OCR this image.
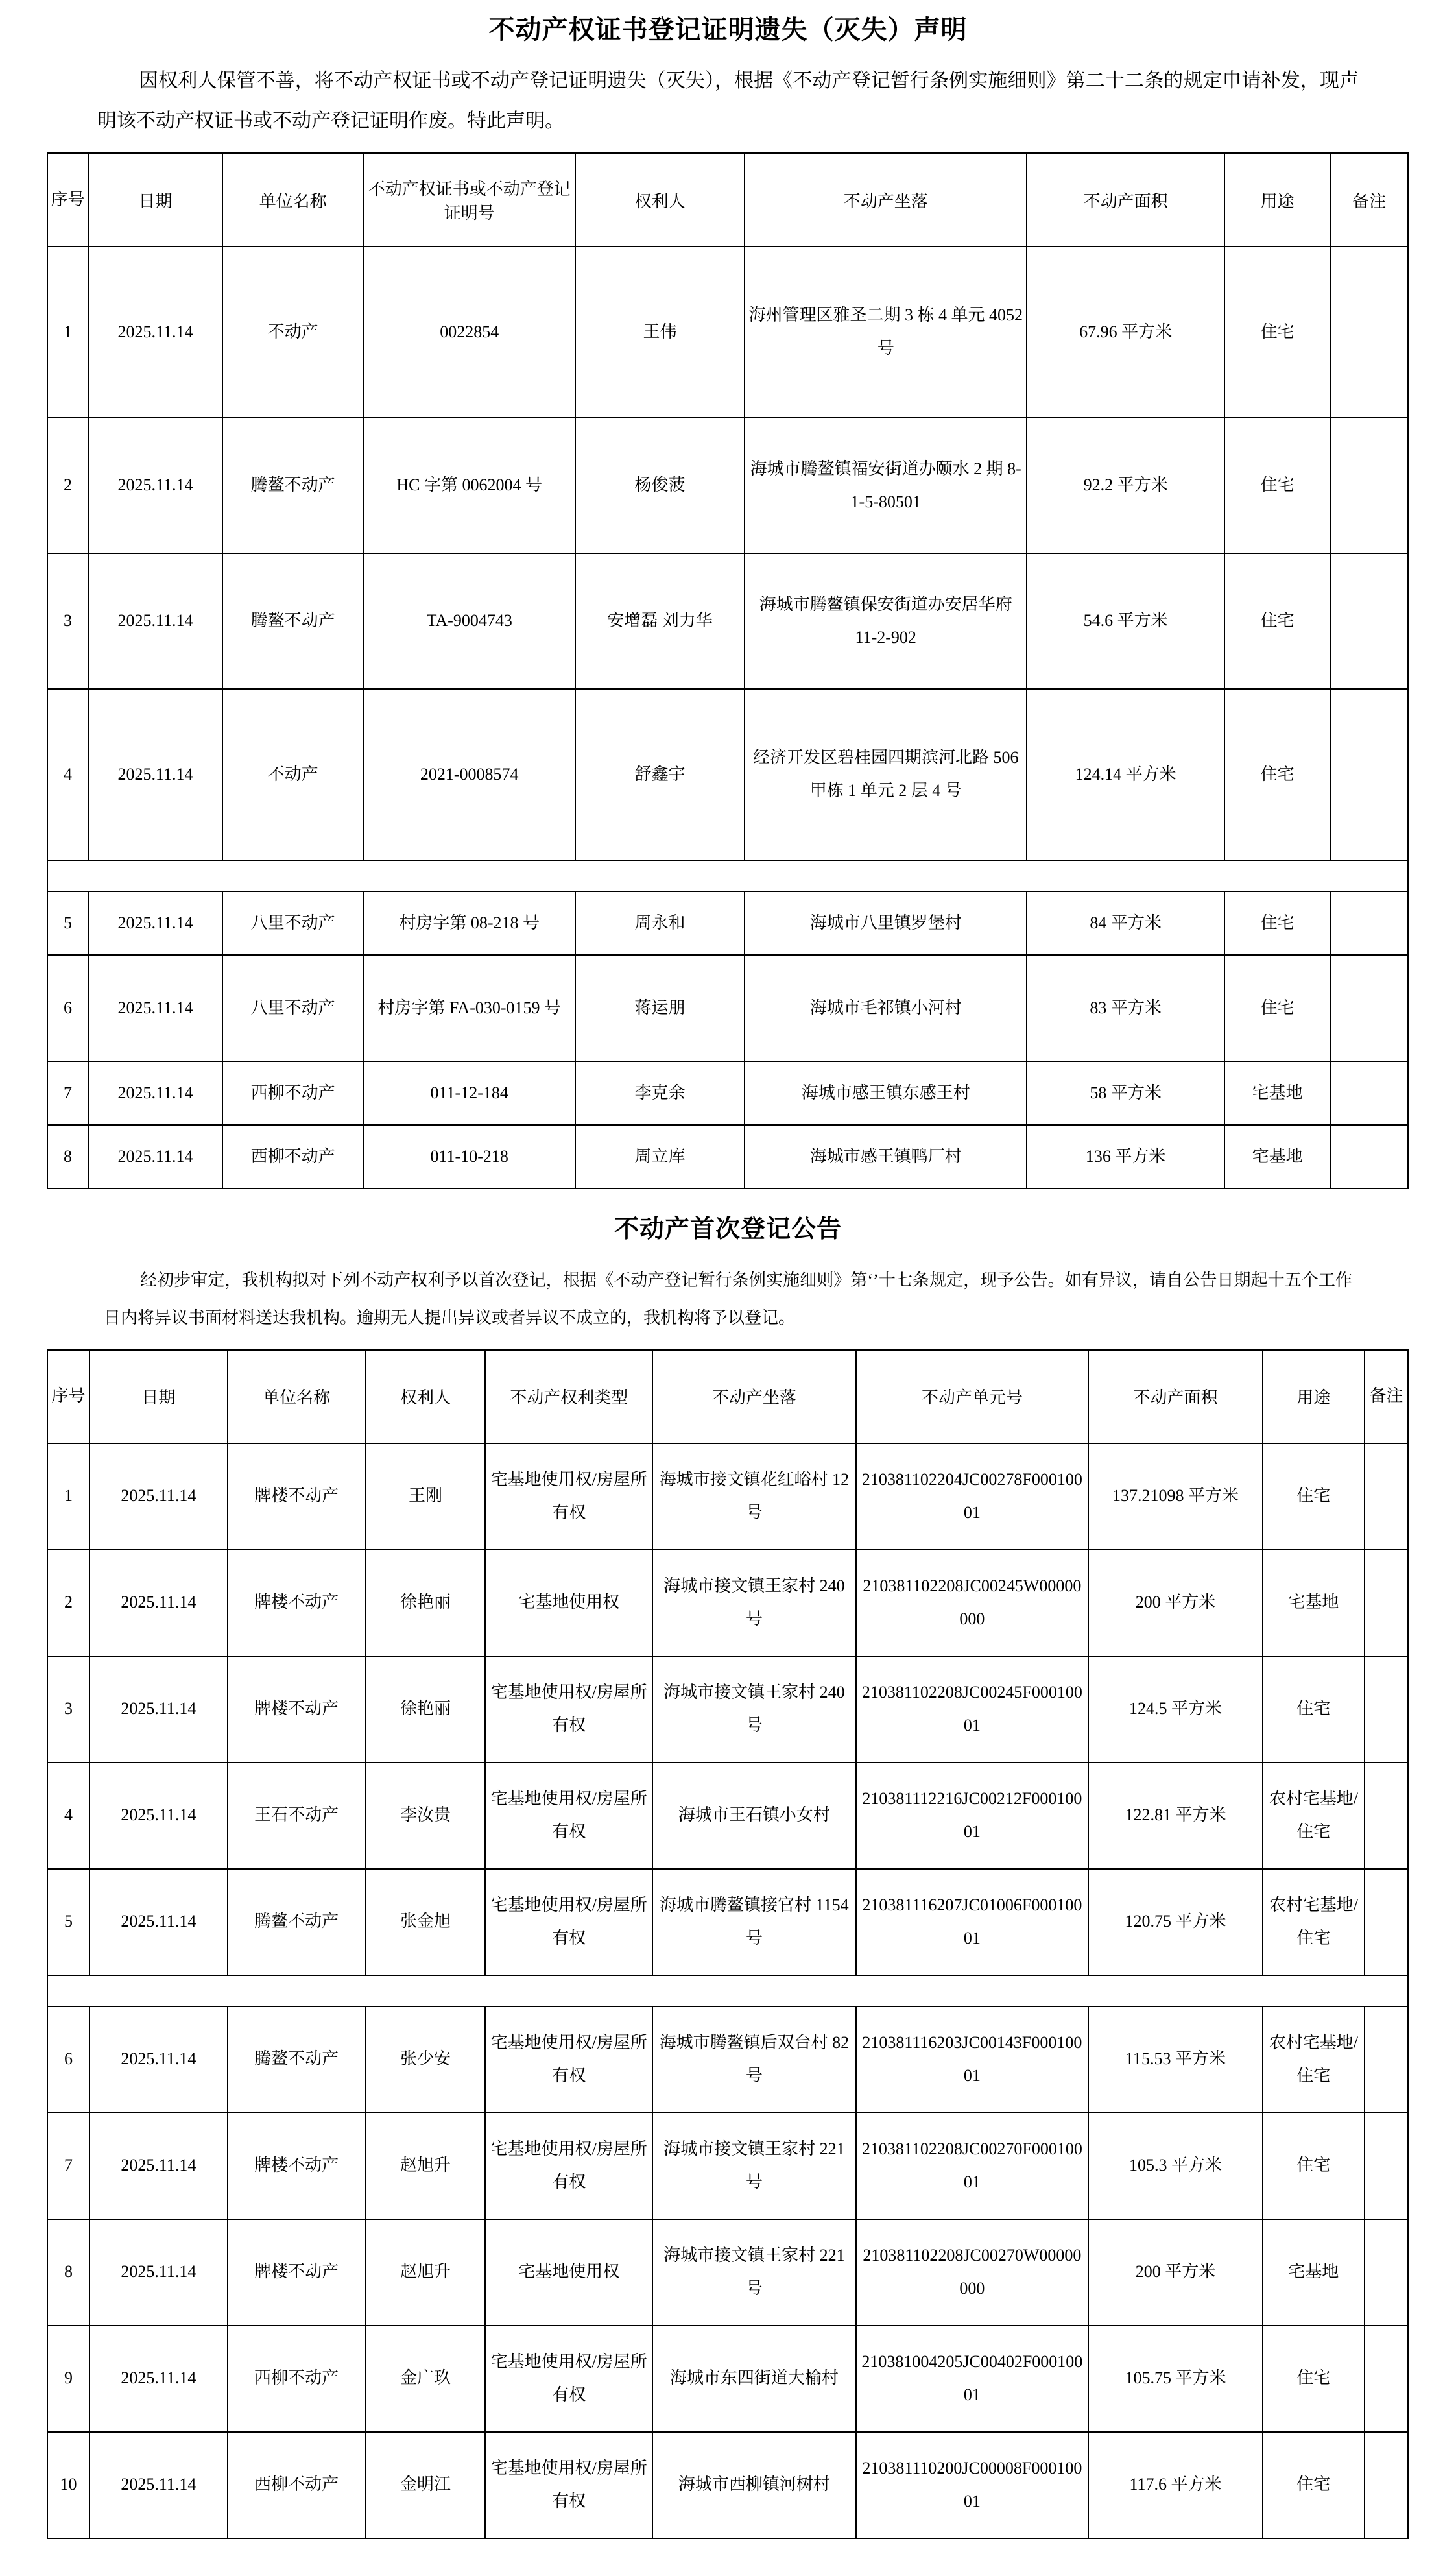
不动产权证书登记证明遗失（灭失）声明
因权利人保管不善，将不动产权证书或不动产登记证明遗失（灭失），根据《不动产登记暂行条例实施细则》第二十二条的规定申请补发，现声明该不动产权证书或不动产登记证明作废。特此声明。
序号	日期	单位名称	不动产权证书或不动产登记证明号	权利人	不动产坐落	不动产面积	用途	备注
1	2025.11.14	不动产	0022854	王伟	海州管理区雅圣二期 3 栋 4 单元 4052 号	67.96 平方米	住宅	
2	2025.11.14	腾鳌不动产	HC 字第 0062004 号	杨俊菠	海城市腾鳌镇福安街道办颐水 2 期 8-1-5-80501	92.2 平方米	住宅	
3	2025.11.14	腾鳌不动产	TA-9004743	安增磊 刘力华	海城市腾鳌镇保安街道办安居华府 11-2-902	54.6 平方米	住宅	
4	2025.11.14	不动产	2021-0008574	舒鑫宇	经济开发区碧桂园四期滨河北路 506 甲栋 1 单元 2 层 4 号	124.14 平方米	住宅	

5	2025.11.14	八里不动产	村房字第 08-218 号	周永和	海城市八里镇罗堡村	84 平方米	住宅	
6	2025.11.14	八里不动产	村房字第 FA-030-0159 号	蒋运朋	海城市毛祁镇小河村	83 平方米	住宅	
7	2025.11.14	西柳不动产	011-12-184	李克余	海城市感王镇东感王村	58 平方米	宅基地	
8	2025.11.14	西柳不动产	011-10-218	周立库	海城市感王镇鸭厂村	136 平方米	宅基地	
不动产首次登记公告
经初步审定，我机构拟对下列不动产权利予以首次登记，根据《不动产登记暂行条例实施细则》第‘’十七条规定，现予公告。如有异议，请自公告日期起十五个工作日内将异议书面材料送达我机构。逾期无人提出异议或者异议不成立的，我机构将予以登记。
序号	日期	单位名称	权利人	不动产权利类型	不动产坐落	不动产单元号	不动产面积	用途	备注
1	2025.11.14	牌楼不动产	王刚	宅基地使用权/房屋所有权	海城市接文镇花红峪村 12 号	210381102204JC00278F00010001	137.21098 平方米	住宅	
2	2025.11.14	牌楼不动产	徐艳丽	宅基地使用权	海城市接文镇王家村 240 号	210381102208JC00245W00000000	200 平方米	宅基地	
3	2025.11.14	牌楼不动产	徐艳丽	宅基地使用权/房屋所有权	海城市接文镇王家村 240 号	210381102208JC00245F00010001	124.5 平方米	住宅	
4	2025.11.14	王石不动产	李汝贵	宅基地使用权/房屋所有权	海城市王石镇小女村	210381112216JC00212F00010001	122.81 平方米	农村宅基地/住宅	
5	2025.11.14	腾鳌不动产	张金旭	宅基地使用权/房屋所有权	海城市腾鳌镇接官村 1154 号	210381116207JC01006F00010001	120.75 平方米	农村宅基地/住宅	

6	2025.11.14	腾鳌不动产	张少安	宅基地使用权/房屋所有权	海城市腾鳌镇后双台村 82 号	210381116203JC00143F00010001	115.53 平方米	农村宅基地/住宅	
7	2025.11.14	牌楼不动产	赵旭升	宅基地使用权/房屋所有权	海城市接文镇王家村 221 号	210381102208JC00270F00010001	105.3 平方米	住宅	
8	2025.11.14	牌楼不动产	赵旭升	宅基地使用权	海城市接文镇王家村 221 号	210381102208JC00270W00000000	200 平方米	宅基地	
9	2025.11.14	西柳不动产	金广玖	宅基地使用权/房屋所有权	海城市东四街道大榆村	210381004205JC00402F00010001	105.75 平方米	住宅	
10	2025.11.14	西柳不动产	金明江	宅基地使用权/房屋所有权	海城市西柳镇河树村	210381110200JC00008F00010001	117.6 平方米	住宅	
